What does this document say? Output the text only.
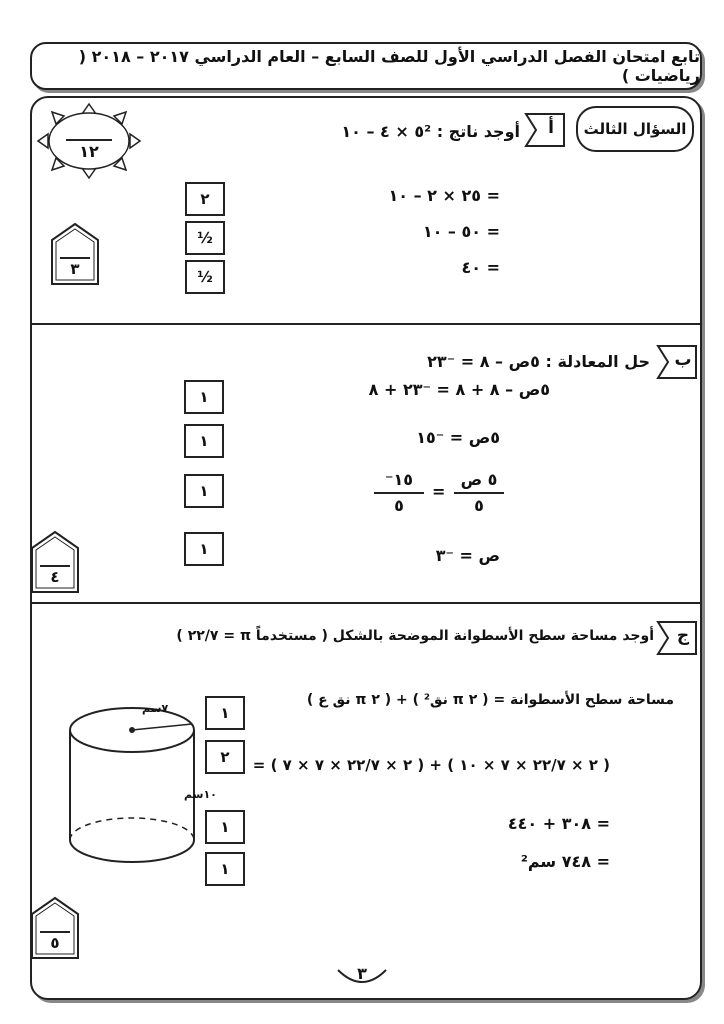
تابع امتحان الفصل الدراسي الأول للصف السابع – العام الدراسي ٢٠١٧ – ٢٠١٨ ( رياضيات )
السؤال الثالث
١٢
أ
أوجد ناتج : ٥² × ٤ – ١٠
= ٢٥ × ٢ – ١٠
= ٥٠ – ١٠
= ٤٠
٢
½
½
٣
ب
حل المعادلة : ٥ص – ٨ = ⁻٢٣
٥ص – ٨ + ٨ = ⁻٢٣ + ٨
٥ص = ⁻١٥
٥ ص
٥
=
⁻١٥
٥
ص = ⁻٣
١
١
١
١
٤
ج
أوجد مساحة سطح الأسطوانة الموضحة بالشكل ( مستخدماً π = ٢٢/٧ )
مساحة سطح الأسطوانة = ( ٢ π نق² ) + ( ٢ π نق ع )
= ( ٢ × ٢٢/٧ × ٧ × ٧ ) + ( ٢ × ٢٢/٧ × ٧ × ١٠ )
= ٣٠٨ + ٤٤٠
= ٧٤٨ سم²
١
٢
١
١
٧سم
١٠سم
٥
٣
